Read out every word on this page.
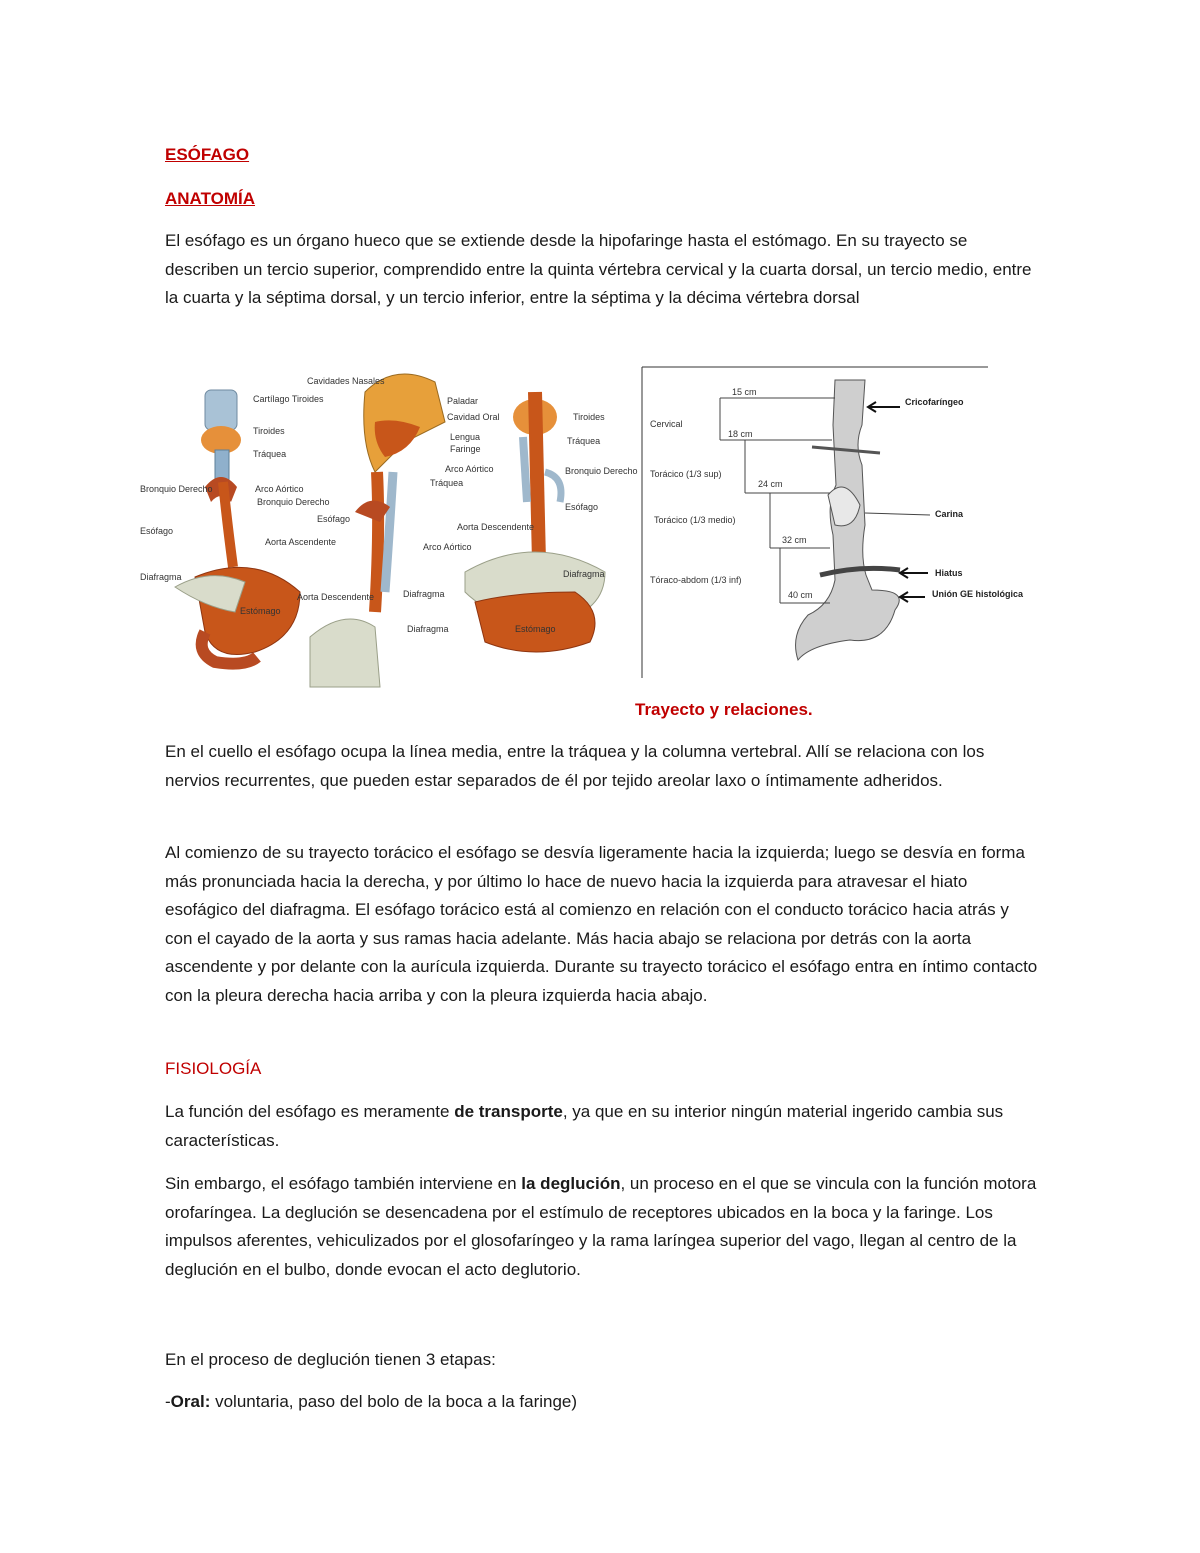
ESÓFAGO
ANATOMÍA
El esófago es un órgano hueco que se extiende desde la hipofaringe hasta el estómago. En su trayecto se describen un tercio superior, comprendido entre la quinta vértebra cervical y la cuarta dorsal, un tercio medio, entre la cuarta y la séptima dorsal, y un tercio inferior, entre la séptima y la décima vértebra dorsal
Cartílago Tiroides
Tiroides
Tráquea
Arco Aórtico
Bronquio Derecho
Bronquio Derecho
Esófago
Aorta Ascendente
Diafragma
Estómago
Cavidades Nasales
Paladar
Cavidad Oral
Lengua
Faringe
Arco Aórtico
Tráquea
Esófago
Arco Aórtico
Aorta Descendente	Diafragma
Diafragma
Tiroides
Tráquea
Bronquio Derecho
Esófago
Aorta Descendente
Diafragma
Estómago
Cervical
Torácico (1/3 sup)
Torácico (1/3 medio)
Tóraco-abdom (1/3 inf)
15 cm
18 cm
24 cm
32 cm
40 cm
Cricofaríngeo
Carina
Hiatus
Unión GE histológica
Trayecto y relaciones.
En el cuello el esófago ocupa la línea media, entre la tráquea y la columna vertebral. Allí se relaciona con los nervios recurrentes, que pueden estar separados de él por tejido areolar laxo o íntimamente adheridos.
Al comienzo de su trayecto torácico el esófago se desvía ligeramente hacia la izquierda; luego se desvía en forma más pronunciada hacia la derecha, y por último lo hace de nuevo hacia la izquierda para atravesar el hiato esofágico del diafragma. El esófago torácico está al comienzo en relación con el conducto torácico hacia atrás y con el cayado de la aorta y sus ramas hacia adelante. Más hacia abajo se relaciona por detrás con la aorta ascendente y por delante con la aurícula izquierda. Durante su trayecto torácico el esófago entra en íntimo contacto con la pleura derecha hacia arriba y con la pleura izquierda hacia abajo.
FISIOLOGÍA
La función del esófago es meramente de transporte, ya que en su interior ningún material ingerido cambia sus características.
Sin embargo, el esófago también interviene en la deglución, un proceso en el que se vincula con la función motora orofaríngea. La deglución se desencadena por el estímulo de receptores ubicados en la boca y la faringe. Los impulsos aferentes, vehiculizados por el glosofaríngeo y la rama laríngea superior del vago, llegan al centro de la deglución en el bulbo, donde evocan el acto deglutorio.
En el proceso de deglución tienen 3 etapas:
-Oral: voluntaria, paso del bolo de la boca a la faringe)
